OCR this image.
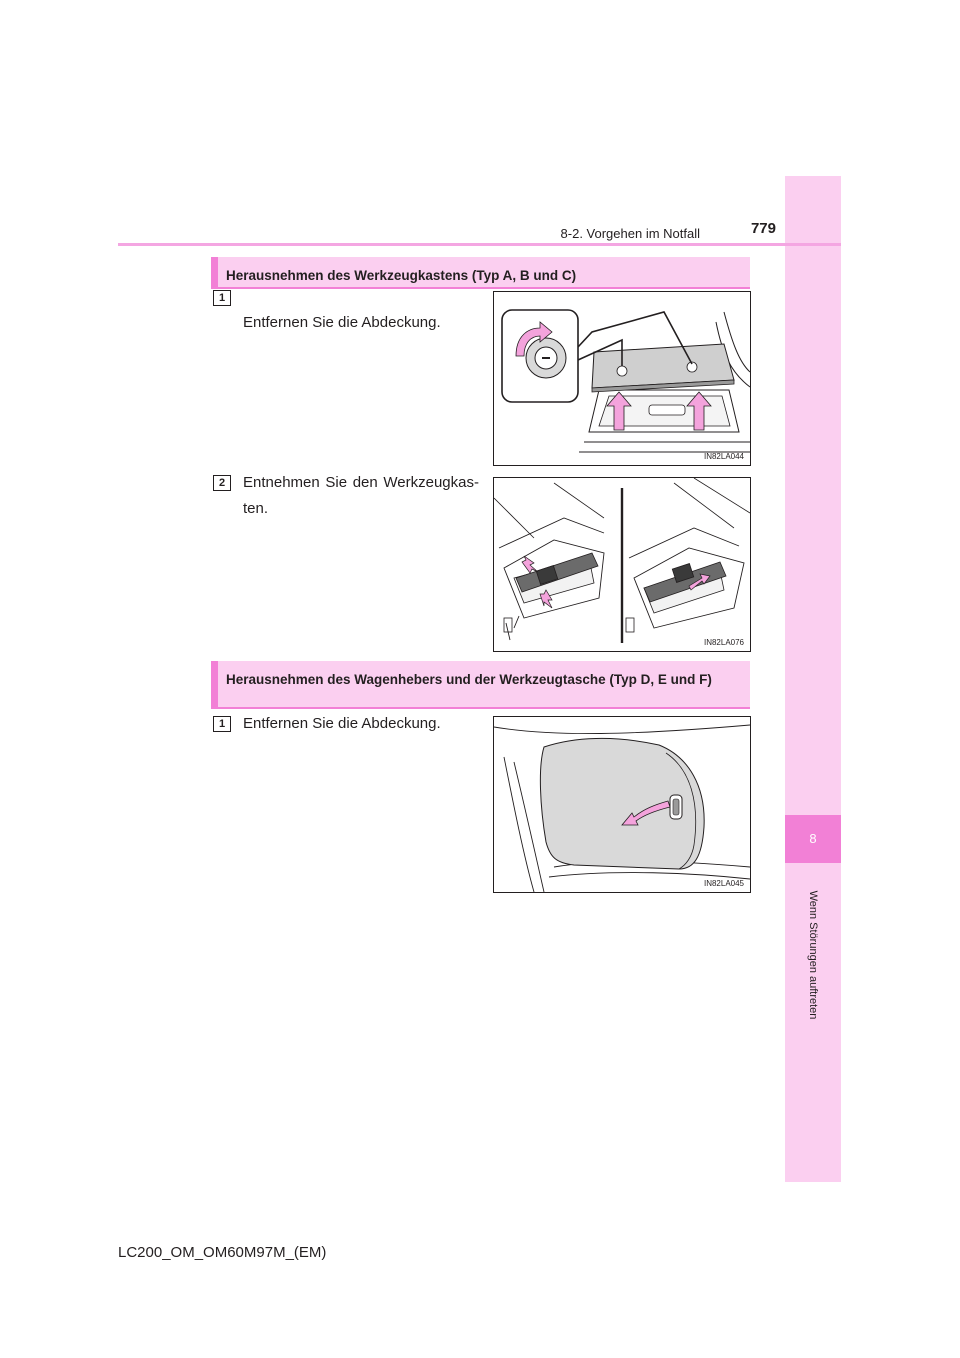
8
Wenn Störungen auftreten
8-2. Vorgehen im Notfall	779
Herausnehmen des Werkzeugkastens (Typ A, B und C)
1
Entfernen Sie die Abdeckung.
IN82LA044
2	Entnehmen Sie den Werkzeugkas-ten.
IN82LA076
Herausnehmen des Wagenhebers und der Werkzeugtasche (Typ D, E und F)
1	Entfernen Sie die Abdeckung.
IN82LA045
LC200_OM_OM60M97M_(EM)
